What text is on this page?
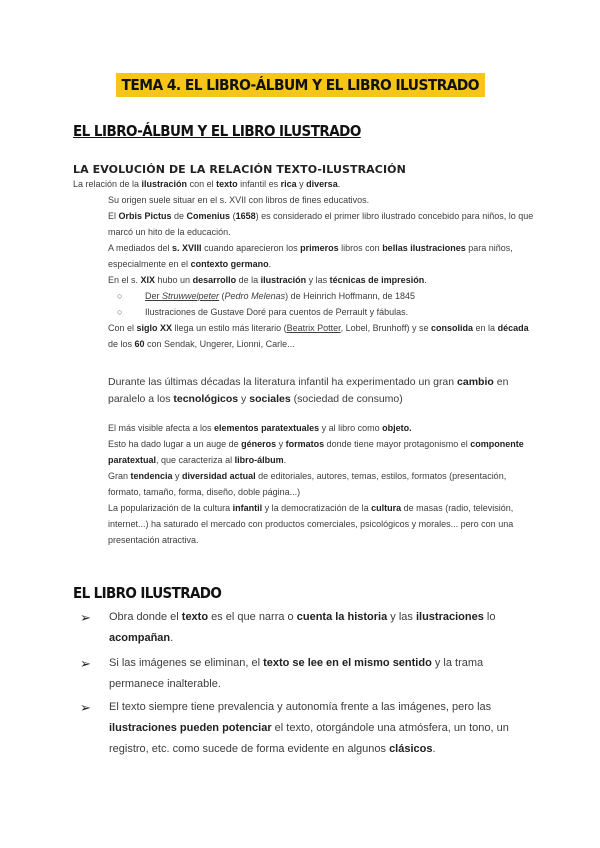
TEMA 4. EL LIBRO-ÁLBUM Y EL LIBRO ILUSTRADO
EL LIBRO-ÁLBUM Y EL LIBRO ILUSTRADO
LA EVOLUCIÓN DE LA RELACIÓN TEXTO-ILUSTRACIÓN
La relación de la ilustración con el texto infantil es rica y diversa.
Su origen suele situar en el s. XVII con libros de fines educativos.
El Orbis Pictus de Comenius (1658) es considerado el primer libro ilustrado concebido para niños, lo que marcó un hito de la educación.
A mediados del s. XVIII cuando aparecieron los primeros libros con bellas ilustraciones para niños, especialmente en el contexto germano.
En el s. XIX hubo un desarrollo de la ilustración y las técnicas de impresión.
○	Der Struwwelpeter (Pedro Melenas) de Heinrich Hoffmann, de 1845
○	Ilustraciones de Gustave Doré para cuentos de Perrault y fábulas.
Con el siglo XX llega un estilo más literario (Beatrix Potter, Lobel, Brunhoff) y se consolida en la década de los 60 con Sendak, Ungerer, Lionni, Carle...
Durante las últimas décadas la literatura infantil ha experimentado un gran cambio en paralelo a los tecnológicos y sociales (sociedad de consumo)
El más visible afecta a los elementos paratextuales y al libro como objeto.
Esto ha dado lugar a un auge de géneros y formatos donde tiene mayor protagonismo el componente paratextual, que caracteriza al libro-álbum.
Gran tendencia y diversidad actual de editoriales, autores, temas, estilos, formatos (presentación, formato, tamaño, forma, diseño, doble página...)
La popularización de la cultura infantil y la democratización de la cultura de masas (radio, televisión, internet...) ha saturado el mercado con productos comerciales, psicológicos y morales... pero con una presentación atractiva.
EL LIBRO ILUSTRADO
➢ Obra donde el texto es el que narra o cuenta la historia y las ilustraciones lo acompañan.
➢ Si las imágenes se eliminan, el texto se lee en el mismo sentido y la trama permanece inalterable.
➢ El texto siempre tiene prevalencia y autonomía frente a las imágenes, pero las ilustraciones pueden potenciar el texto, otorgándole una atmósfera, un tono, un registro, etc. como sucede de forma evidente en algunos clásicos.
